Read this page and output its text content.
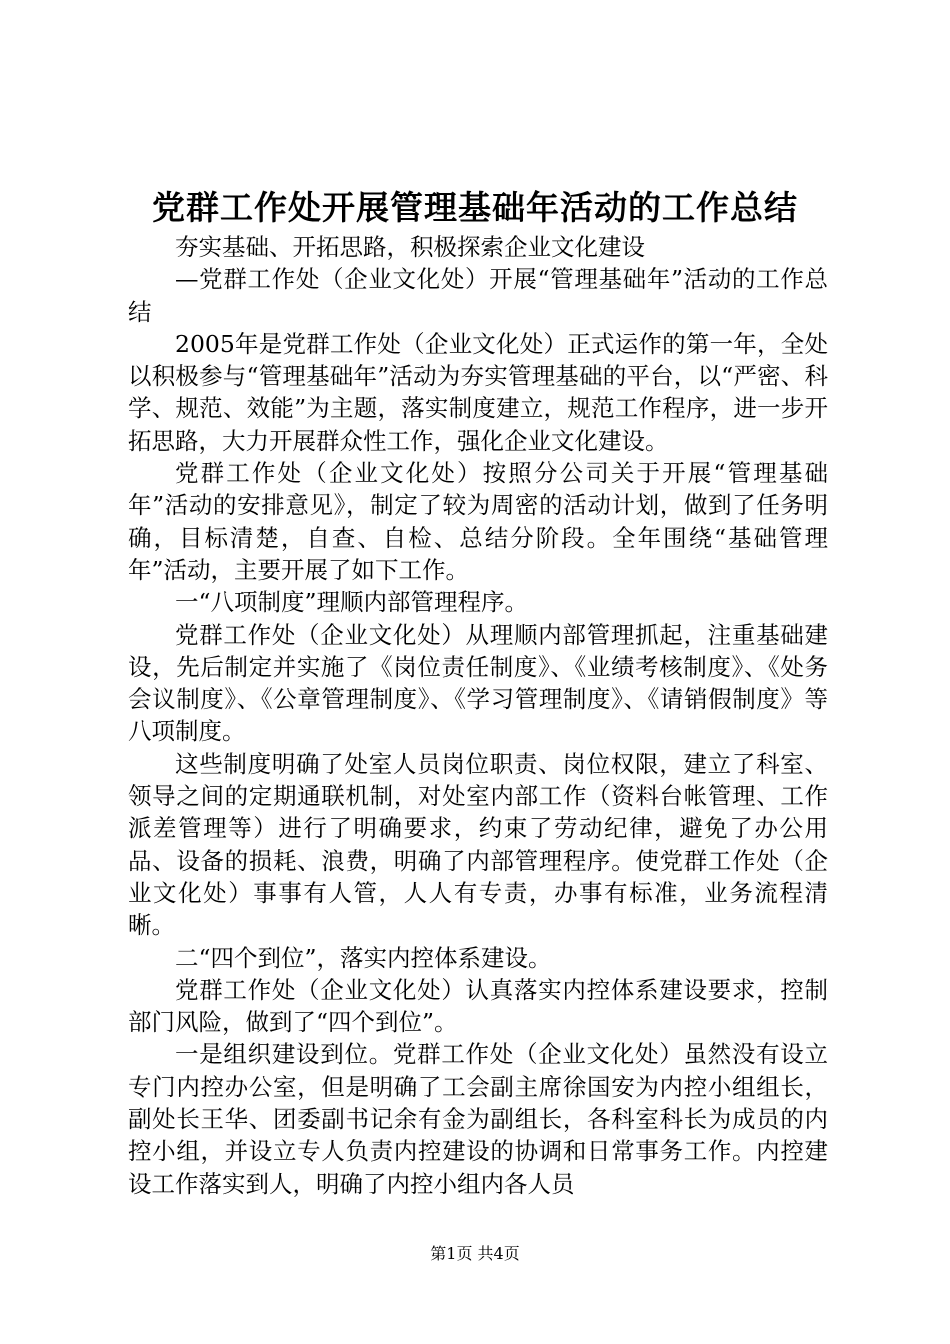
党群工作处开展管理基础年活动的工作总结

夯实基础、开拓思路，积极探索企业文化建设

—党群工作处（企业文化处）开展“管理基础年”活动的工作总结

2005年是党群工作处（企业文化处）正式运作的第一年，全处以积极参与“管理基础年”活动为夯实管理基础的平台，以“严密、科学、规范、效能”为主题，落实制度建立，规范工作程序，进一步开拓思路，大力开展群众性工作，强化企业文化建设。

党群工作处（企业文化处）按照分公司关于开展“管理基础年”活动的安排意见》，制定了较为周密的活动计划，做到了任务明确，目标清楚，自查、自检、总结分阶段。全年围绕“基础管理年”活动，主要开展了如下工作。

一“八项制度”理顺内部管理程序。

党群工作处（企业文化处）从理顺内部管理抓起，注重基础建设，先后制定并实施了《岗位责任制度》、《业绩考核制度》、《处务会议制度》、《公章管理制度》、《学习管理制度》、《请销假制度》等八项制度。

这些制度明确了处室人员岗位职责、岗位权限，建立了科室、领导之间的定期通联机制，对处室内部工作（资料台帐管理、工作派差管理等）进行了明确要求，约束了劳动纪律，避免了办公用品、设备的损耗、浪费，明确了内部管理程序。使党群工作处（企业文化处）事事有人管，人人有专责，办事有标准，业务流程清晰。

二“四个到位”，落实内控体系建设。

党群工作处（企业文化处）认真落实内控体系建设要求，控制部门风险，做到了“四个到位”。

一是组织建设到位。党群工作处（企业文化处）虽然没有设立专门内控办公室，但是明确了工会副主席徐国安为内控小组组长，副处长王华、团委副书记余有金为副组长，各科室科长为成员的内控小组，并设立专人负责内控建设的协调和日常事务工作。内控建设工作落实到人，明确了内控小组内各人员

第1页 共4页
